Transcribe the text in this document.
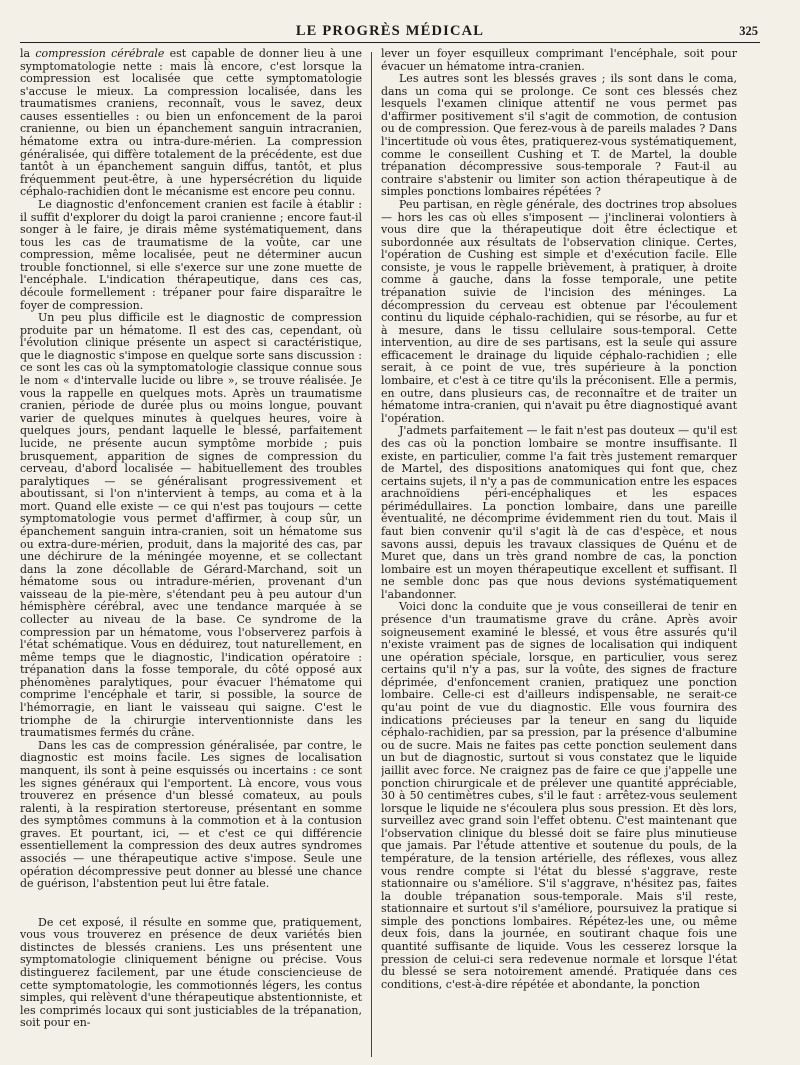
LE PROGRÈS MÉDICAL	325

la compression cérébrale est capable de donner lieu à une symptomatologie nette : mais là encore, c'est lorsque la compression est localisée que cette symptomatologie s'accuse le mieux. La compression localisée, dans les traumatismes craniens, reconnaît, vous le savez, deux causes essentielles : ou bien un enfoncement de la paroi cranienne, ou bien un épanchement sanguin intracranien, hématome extra ou intra-dure-mérien. La compression généralisée, qui diffère totalement de la précédente, est due tantôt à un épanchement sanguin diffus, tantôt, et plus fréquemment peut-être, à une hypersécrétion du liquide céphalo-rachidien dont le mécanisme est encore peu connu.

Le diagnostic d'enfoncement cranien est facile à établir : il suffit d'explorer du doigt la paroi cranienne ; encore faut-il songer à le faire, je dirais même systématiquement, dans tous les cas de traumatisme de la voûte, car une compression, même localisée, peut ne déterminer aucun trouble fonctionnel, si elle s'exerce sur une zone muette de l'encéphale. L'indication thérapeutique, dans ces cas, découle formellement : trépaner pour faire disparaître le foyer de compression.

Un peu plus difficile est le diagnostic de compression produite par un hématome. Il est des cas, cependant, où l'évolution clinique présente un aspect si caractéristique, que le diagnostic s'impose en quelque sorte sans discussion : ce sont les cas où la symptomatologie classique connue sous le nom « d'intervalle lucide ou libre », se trouve réalisée. Je vous la rappelle en quelques mots. Après un traumatisme cranien, période de durée plus ou moins longue, pouvant varier de quelques minutes à quelques heures, voire à quelques jours, pendant laquelle le blessé, parfaitement lucide, ne présente aucun symptôme morbide ; puis brusquement, apparition de signes de compression du cerveau, d'abord localisée — habituellement des troubles paralytiques — se généralisant progressivement et aboutissant, si l'on n'intervient à temps, au coma et à la mort. Quand elle existe — ce qui n'est pas toujours — cette symptomatologie vous permet d'affirmer, à coup sûr, un épanchement sanguin intra-cranien, soit un hématome sus ou extra-dure-mérien, produit, dans la majorité des cas, par une déchirure de la méningée moyenne, et se collectant dans la zone décollable de Gérard-Marchand, soit un hématome sous ou intradure-mérien, provenant d'un vaisseau de la pie-mère, s'étendant peu à peu autour d'un hémisphère cérébral, avec une tendance marquée à se collecter au niveau de la base. Ce syndrome de la compression par un hématome, vous l'observerez parfois à l'état schématique. Vous en déduirez, tout naturellement, en même temps que le diagnostic, l'indication opératoire : trépanation dans la fosse temporale, du côté opposé aux phénomènes paralytiques, pour évacuer l'hématome qui comprime l'encéphale et tarir, si possible, la source de l'hémorragie, en liant le vaisseau qui saigne. C'est le triomphe de la chirurgie interventionniste dans les traumatismes fermés du crâne.

Dans les cas de compression généralisée, par contre, le diagnostic est moins facile. Les signes de localisation manquent, ils sont à peine esquissés ou incertains : ce sont les signes généraux qui l'emportent. Là encore, vous vous trouverez en présence d'un blessé comateux, au pouls ralenti, à la respiration stertoreuse, présentant en somme des symptômes communs à la commotion et à la contusion graves. Et pourtant, ici, — et c'est ce qui différencie essentiellement la compression des deux autres syndromes associés — une thérapeutique active s'impose. Seule une opération décompressive peut donner au blessé une chance de guérison, l'abstention peut lui être fatale.

De cet exposé, il résulte en somme que, pratiquement, vous vous trouverez en présence de deux variétés bien distinctes de blessés craniens. Les uns présentent une symptomatologie cliniquement bénigne ou précise. Vous distinguerez facilement, par une étude consciencieuse de cette symptomatologie, les commotionnés légers, les contus simples, qui relèvent d'une thérapeutique abstentionniste, et les comprimés locaux qui sont justiciables de la trépanation, soit pour en-

lever un foyer esquilleux comprimant l'encéphale, soit pour évacuer un hématome intra-cranien.

Les autres sont les blessés graves ; ils sont dans le coma, dans un coma qui se prolonge. Ce sont ces blessés chez lesquels l'examen clinique attentif ne vous permet pas d'affirmer positivement s'il s'agit de commotion, de contusion ou de compression. Que ferez-vous à de pareils malades ? Dans l'incertitude où vous êtes, pratiquerez-vous systématiquement, comme le conseillent Cushing et T. de Martel, la double trépanation décompressive sous-temporale ? Faut-il au contraire s'abstenir ou limiter son action thérapeutique à de simples ponctions lombaires répétées ?

Peu partisan, en règle générale, des doctrines trop absolues — hors les cas où elles s'imposent — j'inclinerai volontiers à vous dire que la thérapeutique doit être éclectique et subordonnée aux résultats de l'observation clinique. Certes, l'opération de Cushing est simple et d'exécution facile. Elle consiste, je vous le rappelle brièvement, à pratiquer, à droite comme à gauche, dans la fosse temporale, une petite trépanation suivie de l'incision des méninges. La décompression du cerveau est obtenue par l'écoulement continu du liquide céphalo-rachidien, qui se résorbe, au fur et à mesure, dans le tissu cellulaire sous-temporal. Cette intervention, au dire de ses partisans, est la seule qui assure efficacement le drainage du liquide céphalo-rachidien ; elle serait, à ce point de vue, très supérieure à la ponction lombaire, et c'est à ce titre qu'ils la préconisent. Elle a permis, en outre, dans plusieurs cas, de reconnaître et de traiter un hématome intra-cranien, qui n'avait pu être diagnostiqué avant l'opération.

J'admets parfaitement — le fait n'est pas douteux — qu'il est des cas où la ponction lombaire se montre insuffisante. Il existe, en particulier, comme l'a fait très justement remarquer de Martel, des dispositions anatomiques qui font que, chez certains sujets, il n'y a pas de communication entre les espaces arachnoïdiens péri-encéphaliques et les espaces périmédullaires. La ponction lombaire, dans une pareille éventualité, ne décomprime évidemment rien du tout. Mais il faut bien convenir qu'il s'agit là de cas d'espèce, et nous savons aussi, depuis les travaux classiques de Quénu et de Muret que, dans un très grand nombre de cas, la ponction lombaire est un moyen thérapeutique excellent et suffisant. Il ne semble donc pas que nous devions systématiquement l'abandonner.

Voici donc la conduite que je vous conseillerai de tenir en présence d'un traumatisme grave du crâne. Après avoir soigneusement examiné le blessé, et vous être assurés qu'il n'existe vraiment pas de signes de localisation qui indiquent une opération spéciale, lorsque, en particulier, vous serez certains qu'il n'y a pas, sur la voûte, des signes de fracture déprimée, d'enfoncement cranien, pratiquez une ponction lombaire. Celle-ci est d'ailleurs indispensable, ne serait-ce qu'au point de vue du diagnostic. Elle vous fournira des indications précieuses par la teneur en sang du liquide céphalo-rachidien, par sa pression, par la présence d'albumine ou de sucre. Mais ne faites pas cette ponction seulement dans un but de diagnostic, surtout si vous constatez que le liquide jaillit avec force. Ne craignez pas de faire ce que j'appelle une ponction chirurgicale et de prélever une quantité appréciable, 30 à 50 centimètres cubes, s'il le faut : arrêtez-vous seulement lorsque le liquide ne s'écoulera plus sous pression. Et dès lors, surveillez avec grand soin l'effet obtenu. C'est maintenant que l'observation clinique du blessé doit se faire plus minutieuse que jamais. Par l'étude attentive et soutenue du pouls, de la température, de la tension artérielle, des réflexes, vous allez vous rendre compte si l'état du blessé s'aggrave, reste stationnaire ou s'améliore. S'il s'aggrave, n'hésitez pas, faites la double trépanation sous-temporale. Mais s'il reste, stationnaire et surtout s'il s'améliore, poursuivez la pratique si simple des ponctions lombaires. Répétez-les une, ou même deux fois, dans la journée, en soutirant chaque fois une quantité suffisante de liquide. Vous les cesserez lorsque la pression de celui-ci sera redevenue normale et lorsque l'état du blessé se sera notoirement amendé. Pratiquée dans ces conditions, c'est-à-dire répétée et abondante, la ponction
